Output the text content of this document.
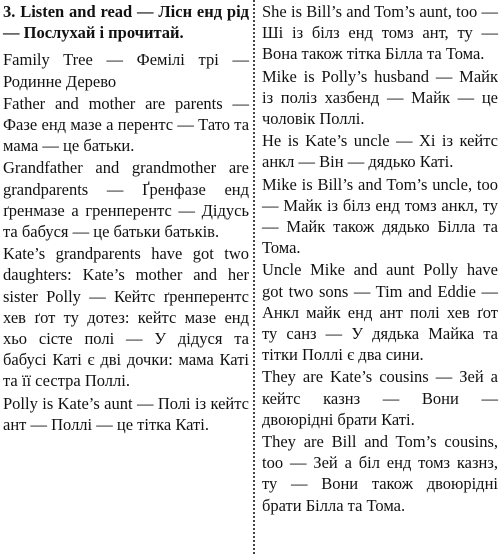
3. Listen and read — Лісн енд рід — Послухай і прочитай.
Family Tree — Фемілі трі — Родинне Дерево
Father and mother are parents — Фазе енд мазе а перентс — Тато та мама — це батьки.
Grandfather and grandmother are grandparents — Ґренфазе енд ґренмазе а гренперентс — Дідусь та бабуся — це батьки батьків.
Kate’s grandparents have got two daughters: Kate’s mother and her sister Polly — Кейтс ґренперентс хев ґот ту дотез: кейтс мазе енд хьо сісте полі — У дідуся та бабусі Каті є дві дочки: мама Каті та її сестра Поллі.
Polly is Kate’s aunt — Полі із кейтс ант — Поллі — це тітка Каті.
She is Bill’s and Tom’s aunt, too — Ші із білз енд томз ант, ту — Вона також тітка Білла та Тома.
Mike is Polly’s husband — Майк із поліз хазбенд — Майк — це чоловік Поллі.
He is Kate’s uncle — Хі із кейтс анкл — Він — дядько Каті.
Mike is Bill’s and Tom’s uncle, too — Майк із білз енд томз анкл, ту — Майк також дядько Білла та Тома.
Uncle Mike and aunt Polly have got two sons — Tim and Eddie — Анкл майк енд ант полі хев ґот ту санз — У дядька Майка та тітки Поллі є два сини.
They are Kate’s cousins — Зей а кейтс казнз — Вони — двоюрідні брати Каті.
They are Bill and Tom’s cousins, too — Зей а біл енд томз казнз, ту — Вони також двоюрідні брати Білла та Тома.
